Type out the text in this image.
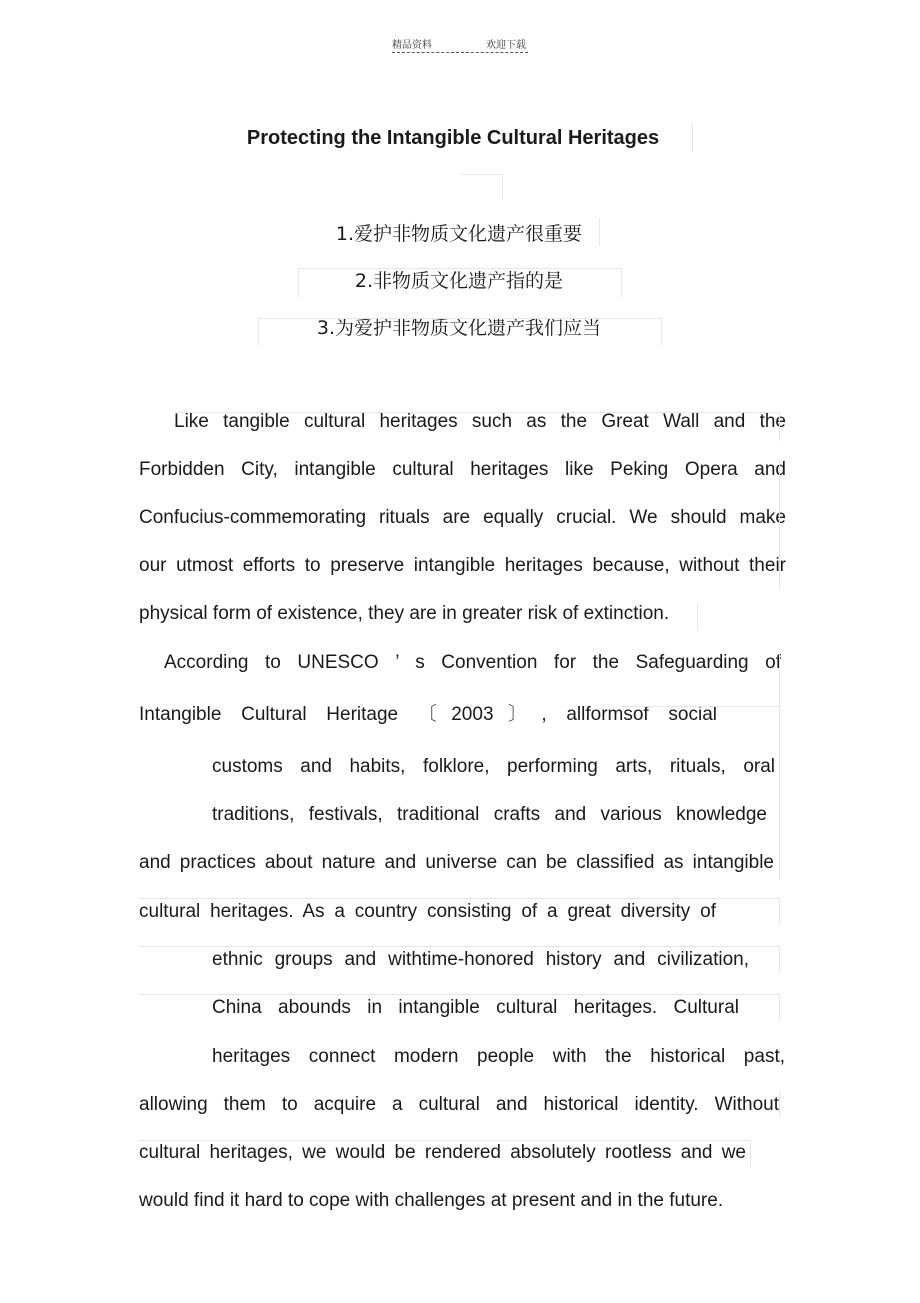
精品资料	欢迎下载
Protecting the Intangible Cultural Heritages
1.爱护非物质文化遗产很重要
2.非物质文化遗产指的是
3.为爱护非物质文化遗产我们应当
Like tangible cultural heritages such as the Great Wall and the
Forbidden City, intangible cultural heritages like Peking Opera and
Confucius-commemorating rituals are equally crucial. We should make
our utmost efforts to preserve intangible heritages because, without their
physical form of existence, they are in greater risk of extinction.
According to UNESCO ’ s Convention for the Safeguarding of
Intangible Cultural Heritage 〔2003〕, allformsof social
customs and habits, folklore, performing arts, rituals, oral
traditions, festivals, traditional crafts and various knowledge
and practices about nature and universe can be classified as intangible
cultural heritages. As a country consisting of a great diversity of
ethnic groups and withtime-honored history and civilization,
China abounds in intangible cultural heritages. Cultural
heritages connect modern people with the historical past,
allowing them to acquire a cultural and historical identity. Without
cultural heritages, we would be rendered absolutely rootless and we
would find it hard to cope with challenges at present and in the future.
